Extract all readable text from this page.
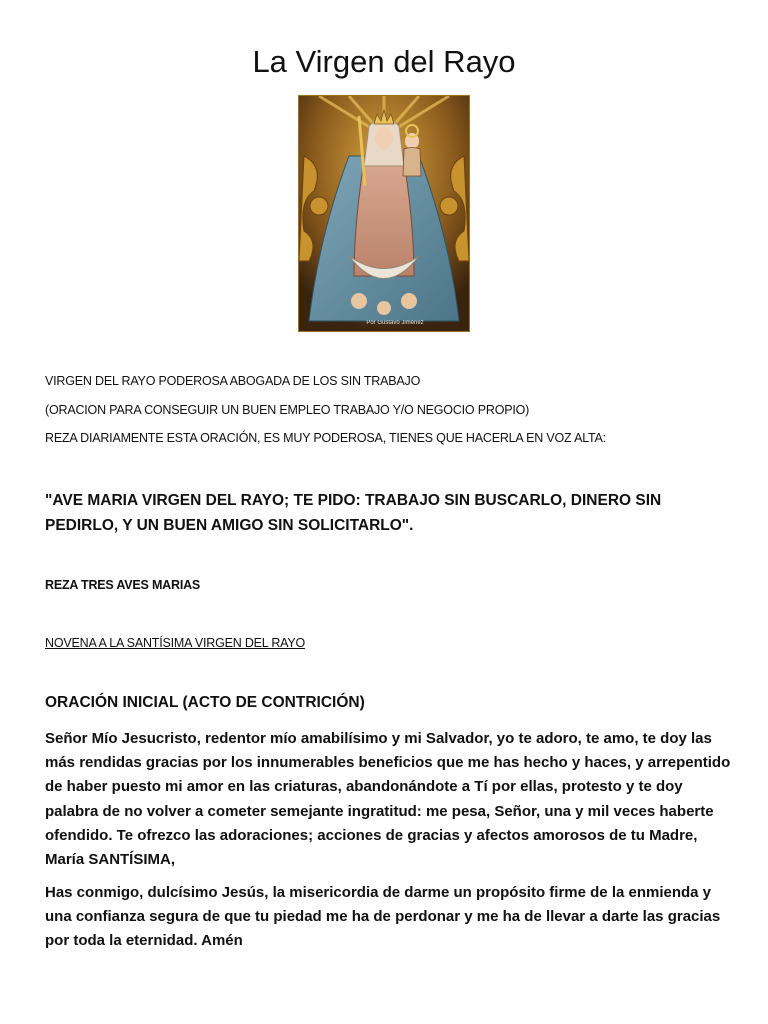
La Virgen del Rayo
Por Gustavo Jiménez

VIRGEN DEL RAYO PODEROSA ABOGADA DE LOS SIN TRABAJO

(ORACION PARA CONSEGUIR UN BUEN EMPLEO TRABAJO Y/O NEGOCIO PROPIO)

REZA DIARIAMENTE ESTA ORACIÓN, ES MUY PODEROSA, TIENES QUE HACERLA EN VOZ ALTA:

"AVE MARIA VIRGEN DEL RAYO; TE PIDO: TRABAJO SIN BUSCARLO, DINERO SIN PEDIRLO, Y UN BUEN AMIGO SIN SOLICITARLO".

REZA TRES AVES MARIAS

NOVENA A LA SANTÍSIMA VIRGEN DEL RAYO

ORACIÓN INICIAL (ACTO DE CONTRICIÓN)

Señor Mío Jesucristo, redentor mío amabilísimo y mi Salvador, yo te adoro, te amo, te doy las más rendidas gracias por los innumerables beneficios que me has hecho y haces, y arrepentido de haber puesto mi amor en las criaturas, abandonándote a Tí por ellas, protesto y te doy palabra de no volver a cometer semejante ingratitud: me pesa, Señor, una y mil veces haberte ofendido. Te ofrezco las adoraciones; acciones de gracias y afectos amorosos de tu Madre, María SANTÍSIMA,

Has conmigo, dulcísimo Jesús, la misericordia de darme un propósito firme de la enmienda y una confianza segura de que tu piedad me ha de perdonar y me ha de llevar a darte las gracias por toda la eternidad. Amén
